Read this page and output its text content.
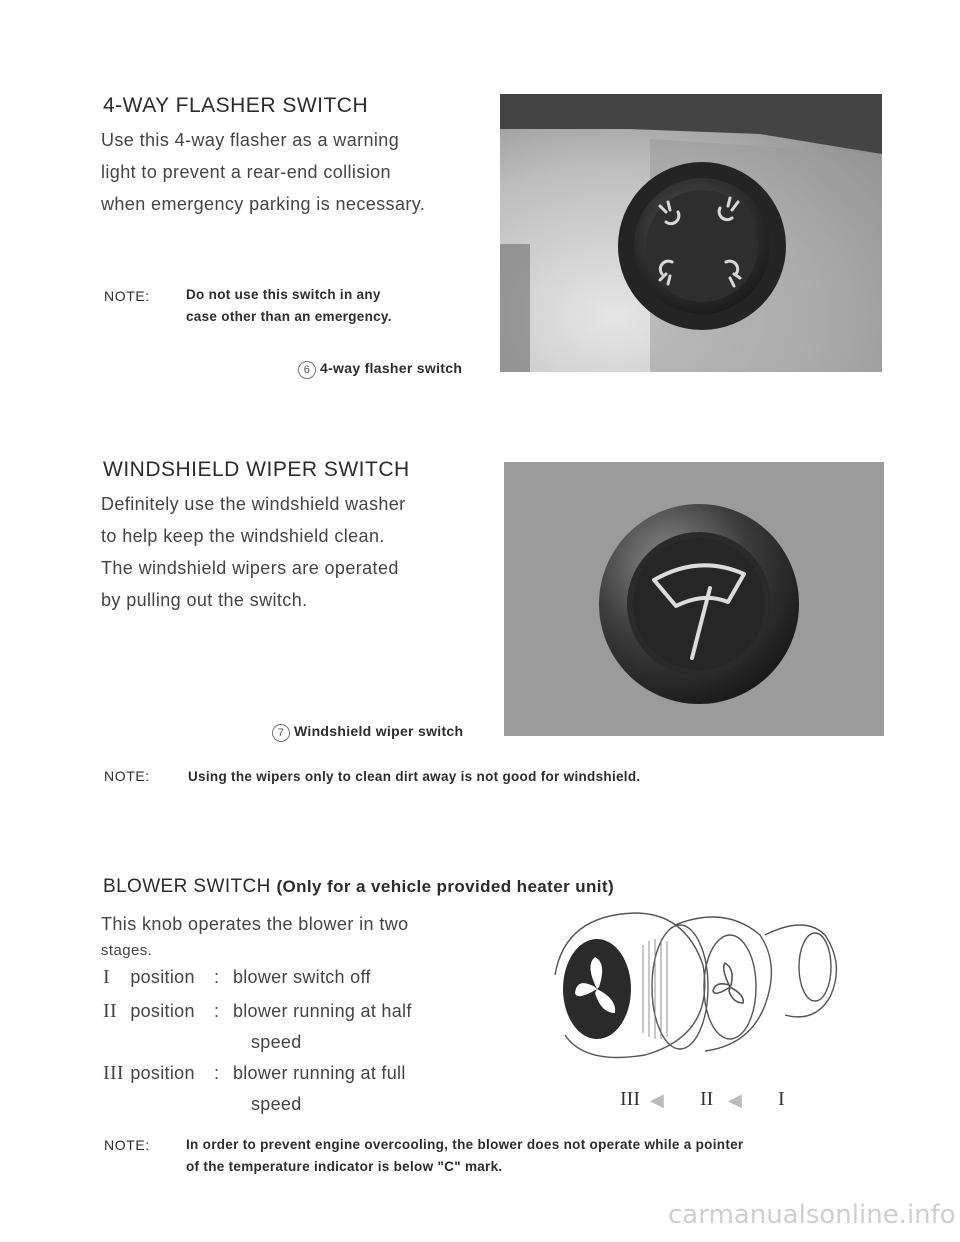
4-WAY FLASHER SWITCH
Use this 4-way flasher as a warning
light to prevent a rear-end collision
when emergency parking is necessary.
NOTE:	Do not use this switch in any
case other than an emergency.
6 4-way flasher switch
WINDSHIELD WIPER SWITCH
Definitely use the windshield washer
to help keep the windshield clean.
The windshield wipers are operated
by pulling out the switch.
7 Windshield wiper switch
NOTE:	Using the wipers only to clean dirt away is not good for windshield.
BLOWER SWITCH (Only for a vehicle provided heater unit)
This knob operates the blower in two
stages.
I position : blower switch off
II position : blower running at half
speed
III position : blower running at full
speed	III ◀ II ◀ I
NOTE:	In order to prevent engine overcooling, the blower does not operate while a pointer
of the temperature indicator is below "C" mark.
carmanualsonline.info
